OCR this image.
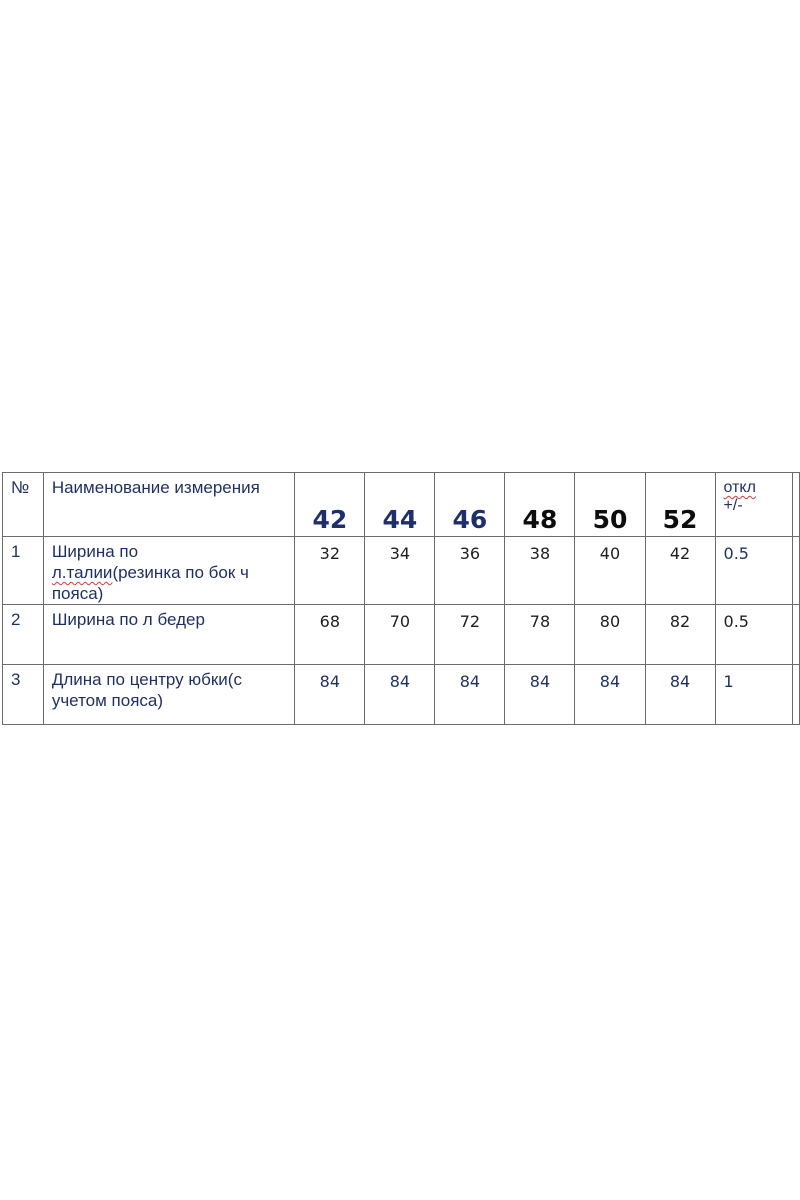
№	Наименование измерения	42	44	46	48	50	52	откл
+/-	
1	Ширина по
л.талии(резинка по бок ч
пояса)	32	34	36	38	40	42	0.5	
2	Ширина по л бедер	68	70	72	78	80	82	0.5	
3	Длина по центру юбки(с
учетом пояса)	84	84	84	84	84	84	1	
